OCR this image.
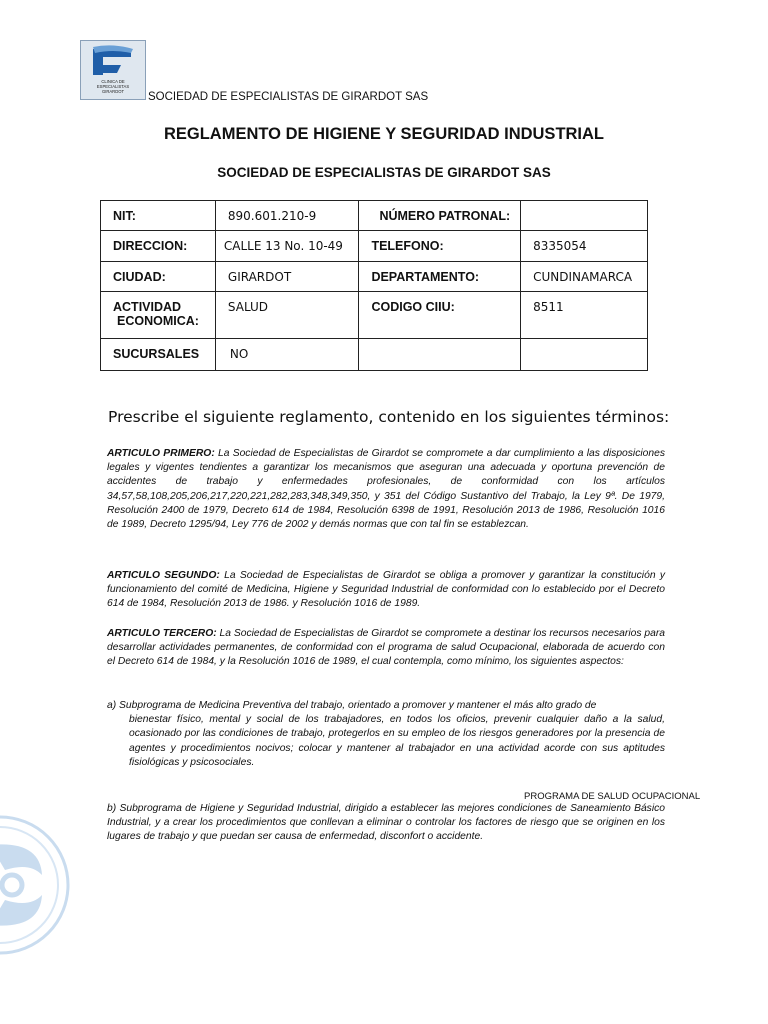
CLINICA DE
ESPECIALISTAS
GIRARDOT SOCIEDAD DE ESPECIALISTAS DE GIRARDOT SAS
REGLAMENTO DE HIGIENE Y SEGURIDAD INDUSTRIAL
SOCIEDAD DE ESPECIALISTAS DE GIRARDOT SAS
NIT:	890.601.210-9	NÚMERO PATRONAL:	
DIRECCION:	CALLE 13 No. 10-49	TELEFONO:	8335054
CIUDAD:	GIRARDOT	DEPARTAMENTO:	CUNDINAMARCA

ACTIVIDAD
ECONOMICA:	SALUD	CODIGO CIIU:	8511
SUCURSALES	NO		
Prescribe el siguiente reglamento, contenido en los siguientes términos:
ARTICULO PRIMERO: La Sociedad de Especialistas de Girardot se compromete a dar cumplimiento a las disposiciones legales y vigentes tendientes a garantizar los mecanismos que aseguran una adecuada y oportuna prevención de accidentes de trabajo y enfermedades profesionales, de conformidad con los artículos 34,57,58,108,205,206,217,220,221,282,283,348,349,350, y 351 del Código Sustantivo del Trabajo, la Ley 9ª. De 1979, Resolución 2400 de 1979, Decreto 614 de 1984, Resolución 6398 de 1991, Resolución 2013 de 1986, Resolución 1016 de 1989, Decreto 1295/94, Ley 776 de 2002 y demás normas que con tal fin se establezcan.
ARTICULO SEGUNDO: La Sociedad de Especialistas de Girardot se obliga a promover y garantizar la constitución y funcionamiento del comité de Medicina, Higiene y Seguridad Industrial de conformidad con lo establecido por el Decreto 614 de 1984, Resolución 2013 de 1986. y Resolución 1016 de 1989.
ARTICULO TERCERO: La Sociedad de Especialistas de Girardot se compromete a destinar los recursos necesarios para desarrollar actividades permanentes, de conformidad con el programa de salud Ocupacional, elaborada de acuerdo con el Decreto 614 de 1984, y la Resolución 1016 de 1989, el cual contempla, como mínimo, los siguientes aspectos:
a) Subprograma de Medicina Preventiva del trabajo, orientado a promover y mantener el más alto grado de
bienestar físico, mental y social de los trabajadores, en todos los oficios, prevenir cualquier daño a la salud, ocasionado por las condiciones de trabajo, protegerlos en su empleo de los riesgos generadores por la presencia de agentes y procedimientos nocivos; colocar y mantener al trabajador en una actividad acorde con sus aptitudes fisiológicas y psicosociales.
PROGRAMA DE SALUD OCUPACIONAL
b) Subprograma de Higiene y Seguridad Industrial, dirigido a establecer las mejores condiciones de Saneamiento Básico Industrial, y a crear los procedimientos que conllevan a eliminar o controlar los factores de riesgo que se originen en los lugares de trabajo y que puedan ser causa de enfermedad, disconfort o accidente.
